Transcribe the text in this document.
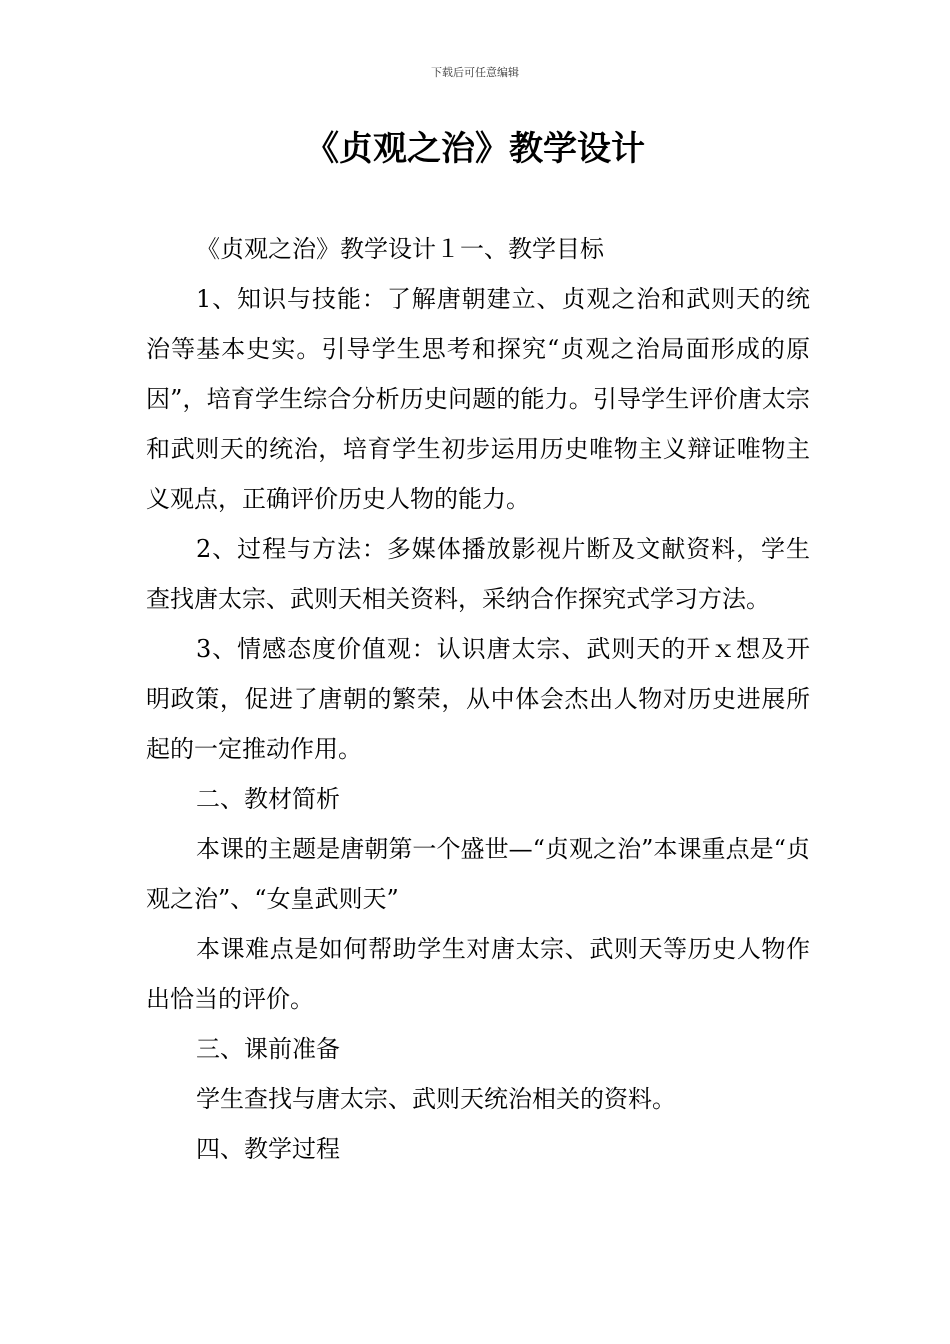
下载后可任意编辑
《贞观之治》教学设计

《贞观之治》教学设计１一、教学目标

1、知识与技能：了解唐朝建立、贞观之治和武则天的统治等基本史实。引导学生思考和探究“贞观之治局面形成的原因”，培育学生综合分析历史问题的能力。引导学生评价唐太宗和武则天的统治，培育学生初步运用历史唯物主义辩证唯物主义观点，正确评价历史人物的能力。

2、过程与方法：多媒体播放影视片断及文献资料，学生查找唐太宗、武则天相关资料，采纳合作探究式学习方法。

3、情感态度价值观：认识唐太宗、武则天的开ｘ想及开明政策，促进了唐朝的繁荣，从中体会杰出人物对历史进展所起的一定推动作用。

二、教材简析

本课的主题是唐朝第一个盛世—“贞观之治”本课重点是“贞观之治”、“女皇武则天”

本课难点是如何帮助学生对唐太宗、武则天等历史人物作出恰当的评价。

三、课前准备

学生查找与唐太宗、武则天统治相关的资料。

四、教学过程
